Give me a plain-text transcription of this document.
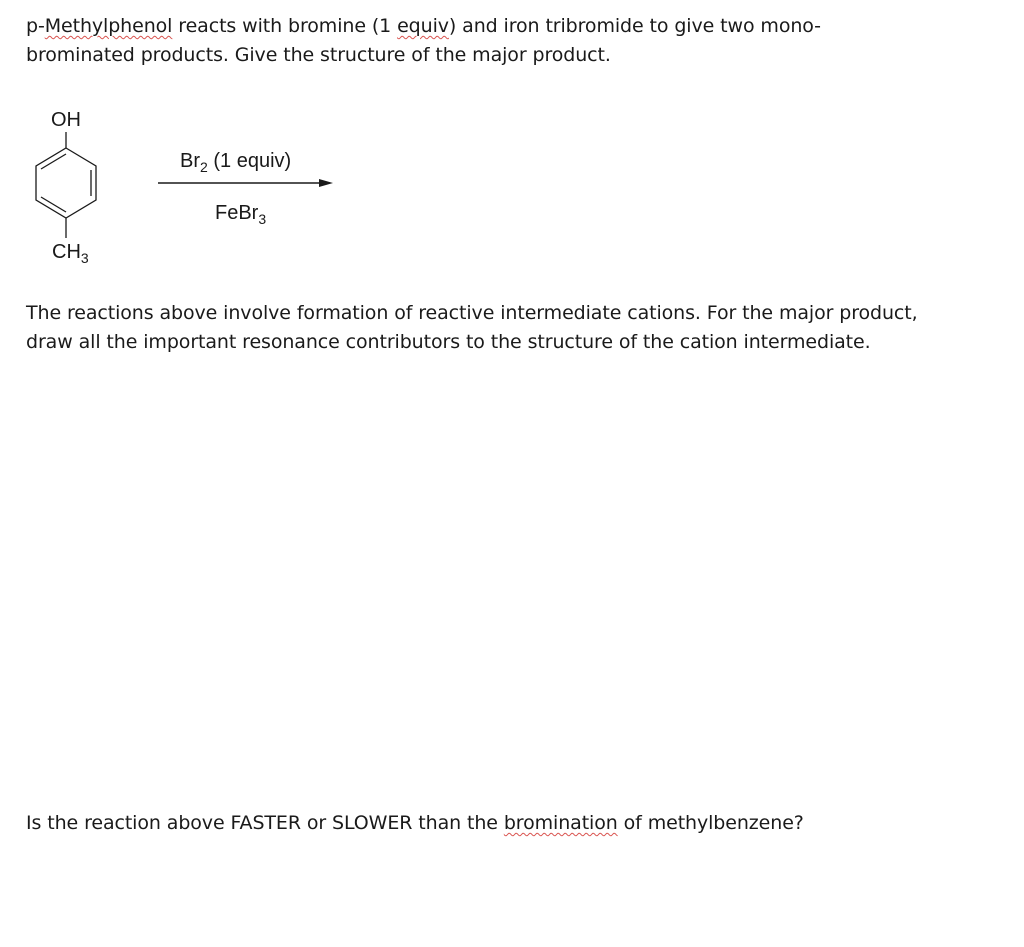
p-Methylphenol reacts with bromine (1 equiv) and iron tribromide to give two mono-
brominated products. Give the structure of the major product.
OH
$CH_3$
$Br_2$ (1 equiv)
FeBr$_3$
The reactions above involve formation of reactive intermediate cations. For the major product,
draw all the important resonance contributors to the structure of the cation intermediate.
Is the reaction above FASTER or SLOWER than the bromination of methylbenzene?
